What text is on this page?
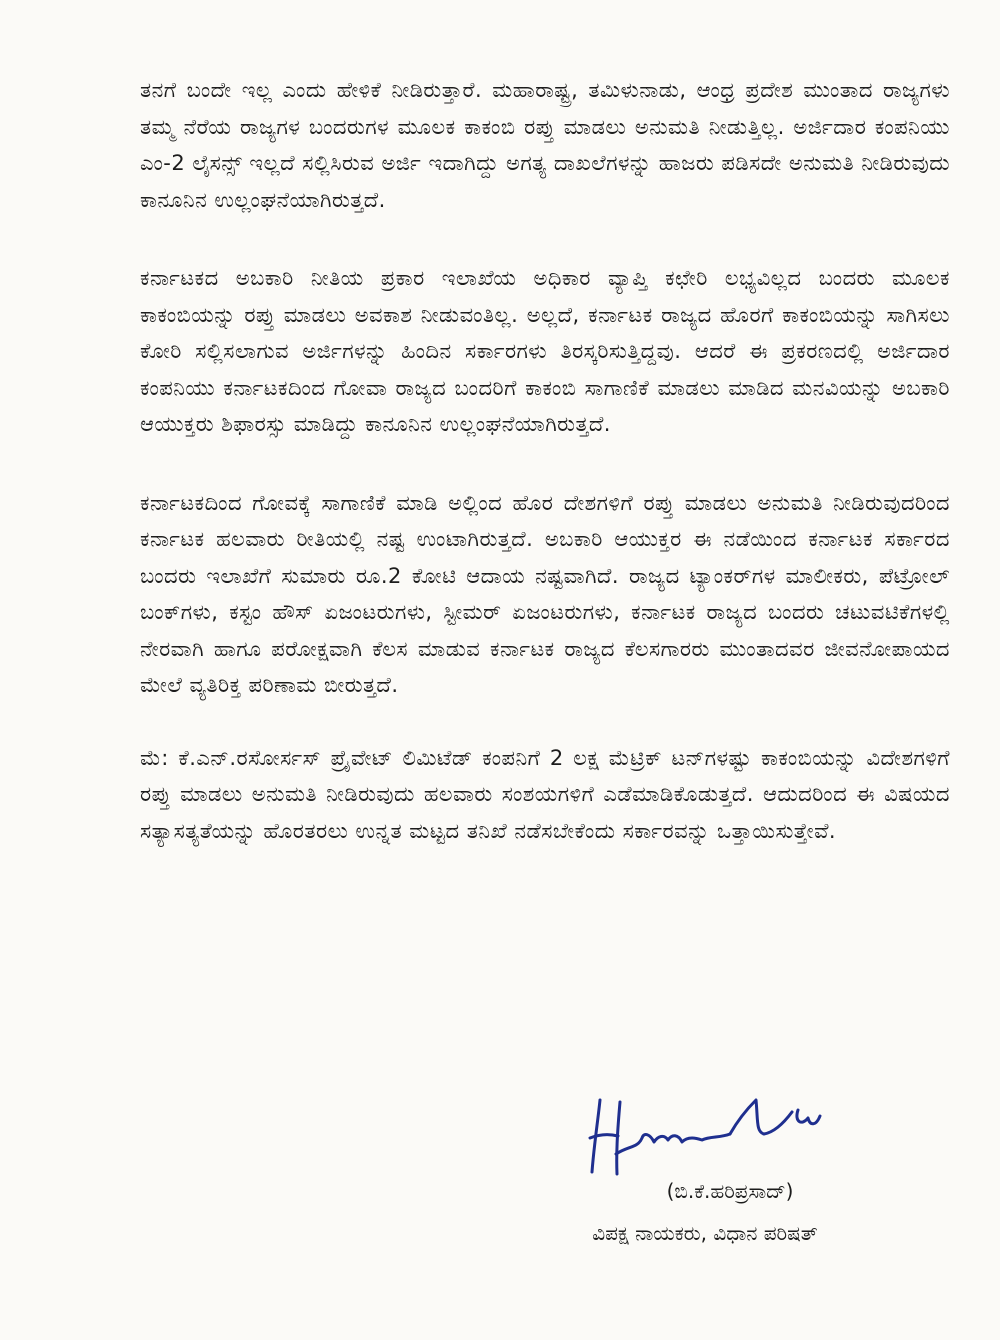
ತನಗೆ ಬಂದೇ ಇಲ್ಲ ಎಂದು ಹೇಳಿಕೆ ನೀಡಿರುತ್ತಾರೆ. ಮಹಾರಾಷ್ಟ್ರ, ತಮಿಳುನಾಡು, ಆಂಧ್ರ ಪ್ರದೇಶ ಮುಂತಾದ ರಾಜ್ಯಗಳು ತಮ್ಮ ನೆರೆಯ ರಾಜ್ಯಗಳ ಬಂದರುಗಳ ಮೂಲಕ ಕಾಕಂಬಿ ರಪ್ತು ಮಾಡಲು ಅನುಮತಿ ನೀಡುತ್ತಿಲ್ಲ. ಅರ್ಜಿದಾರ ಕಂಪನಿಯು ಎಂ-2 ಲೈಸನ್ಸ್ ಇಲ್ಲದೆ ಸಲ್ಲಿಸಿರುವ ಅರ್ಜಿ ಇದಾಗಿದ್ದು ಅಗತ್ಯ ದಾಖಲೆಗಳನ್ನು ಹಾಜರು ಪಡಿಸದೇ ಅನುಮತಿ ನೀಡಿರುವುದು ಕಾನೂನಿನ ಉಲ್ಲಂಘನೆಯಾಗಿರುತ್ತದೆ.

ಕರ್ನಾಟಕದ ಅಬಕಾರಿ ನೀತಿಯ ಪ್ರಕಾರ ಇಲಾಖೆಯ ಅಧಿಕಾರ ವ್ಯಾಪ್ತಿ ಕಛೇರಿ ಲಭ್ಯವಿಲ್ಲದ ಬಂದರು ಮೂಲಕ ಕಾಕಂಬಿಯನ್ನು ರಪ್ತು ಮಾಡಲು ಅವಕಾಶ ನೀಡುವಂತಿಲ್ಲ. ಅಲ್ಲದೆ, ಕರ್ನಾಟಕ ರಾಜ್ಯದ ಹೊರಗೆ ಕಾಕಂಬಿಯನ್ನು ಸಾಗಿಸಲು ಕೋರಿ ಸಲ್ಲಿಸಲಾಗುವ ಅರ್ಜಿಗಳನ್ನು ಹಿಂದಿನ ಸರ್ಕಾರಗಳು ತಿರಸ್ಕರಿಸುತ್ತಿದ್ದವು. ಆದರೆ ಈ ಪ್ರಕರಣದಲ್ಲಿ ಅರ್ಜಿದಾರ ಕಂಪನಿಯು ಕರ್ನಾಟಕದಿಂದ ಗೋವಾ ರಾಜ್ಯದ ಬಂದರಿಗೆ ಕಾಕಂಬಿ ಸಾಗಾಣಿಕೆ ಮಾಡಲು ಮಾಡಿದ ಮನವಿಯನ್ನು ಅಬಕಾರಿ ಆಯುಕ್ತರು ಶಿಫಾರಸ್ಸು ಮಾಡಿದ್ದು ಕಾನೂನಿನ ಉಲ್ಲಂಘನೆಯಾಗಿರುತ್ತದೆ.

ಕರ್ನಾಟಕದಿಂದ ಗೋವಕ್ಕೆ ಸಾಗಾಣಿಕೆ ಮಾಡಿ ಅಲ್ಲಿಂದ ಹೊರ ದೇಶಗಳಿಗೆ ರಪ್ತು ಮಾಡಲು ಅನುಮತಿ ನೀಡಿರುವುದರಿಂದ ಕರ್ನಾಟಕ ಹಲವಾರು ರೀತಿಯಲ್ಲಿ ನಷ್ಟ ಉಂಟಾಗಿರುತ್ತದೆ. ಅಬಕಾರಿ ಆಯುಕ್ತರ ಈ ನಡೆಯಿಂದ ಕರ್ನಾಟಕ ಸರ್ಕಾರದ ಬಂದರು ಇಲಾಖೆಗೆ ಸುಮಾರು ರೂ.2 ಕೋಟಿ ಆದಾಯ ನಷ್ಟವಾಗಿದೆ. ರಾಜ್ಯದ ಟ್ಯಾಂಕರ್‌ಗಳ ಮಾಲೀಕರು, ಪೆಟ್ರೋಲ್ ಬಂಕ್‌ಗಳು, ಕಸ್ಟಂ ಹೌಸ್ ಏಜಂಟರುಗಳು, ಸ್ಟೀಮರ್ ಏಜಂಟರುಗಳು, ಕರ್ನಾಟಕ ರಾಜ್ಯದ ಬಂದರು ಚಟುವಟಿಕೆಗಳಲ್ಲಿ ನೇರವಾಗಿ ಹಾಗೂ ಪರೋಕ್ಷವಾಗಿ ಕೆಲಸ ಮಾಡುವ ಕರ್ನಾಟಕ ರಾಜ್ಯದ ಕೆಲಸಗಾರರು ಮುಂತಾದವರ ಜೀವನೋಪಾಯದ ಮೇಲೆ ವ್ಯತಿರಿಕ್ತ ಪರಿಣಾಮ ಬೀರುತ್ತದೆ.

ಮೆ: ಕೆ.ಎನ್.ರಸೋರ್ಸಸ್ ಪ್ರೈವೇಟ್ ಲಿಮಿಟೆಡ್ ಕಂಪನಿಗೆ 2 ಲಕ್ಷ ಮೆಟ್ರಿಕ್ ಟನ್‌ಗಳಷ್ಟು ಕಾಕಂಬಿಯನ್ನು ವಿದೇಶಗಳಿಗೆ ರಪ್ತು ಮಾಡಲು ಅನುಮತಿ ನೀಡಿರುವುದು ಹಲವಾರು ಸಂಶಯಗಳಿಗೆ ಎಡೆಮಾಡಿಕೊಡುತ್ತದೆ. ಆದುದರಿಂದ ಈ ವಿಷಯದ ಸತ್ಯಾಸತ್ಯತೆಯನ್ನು ಹೊರತರಲು ಉನ್ನತ ಮಟ್ಟದ ತನಿಖೆ ನಡೆಸಬೇಕೆಂದು ಸರ್ಕಾರವನ್ನು ಒತ್ತಾಯಿಸುತ್ತೇವೆ.

(ಬಿ.ಕೆ.ಹರಿಪ್ರಸಾದ್)
ವಿಪಕ್ಷ ನಾಯಕರು, ವಿಧಾನ ಪರಿಷತ್
